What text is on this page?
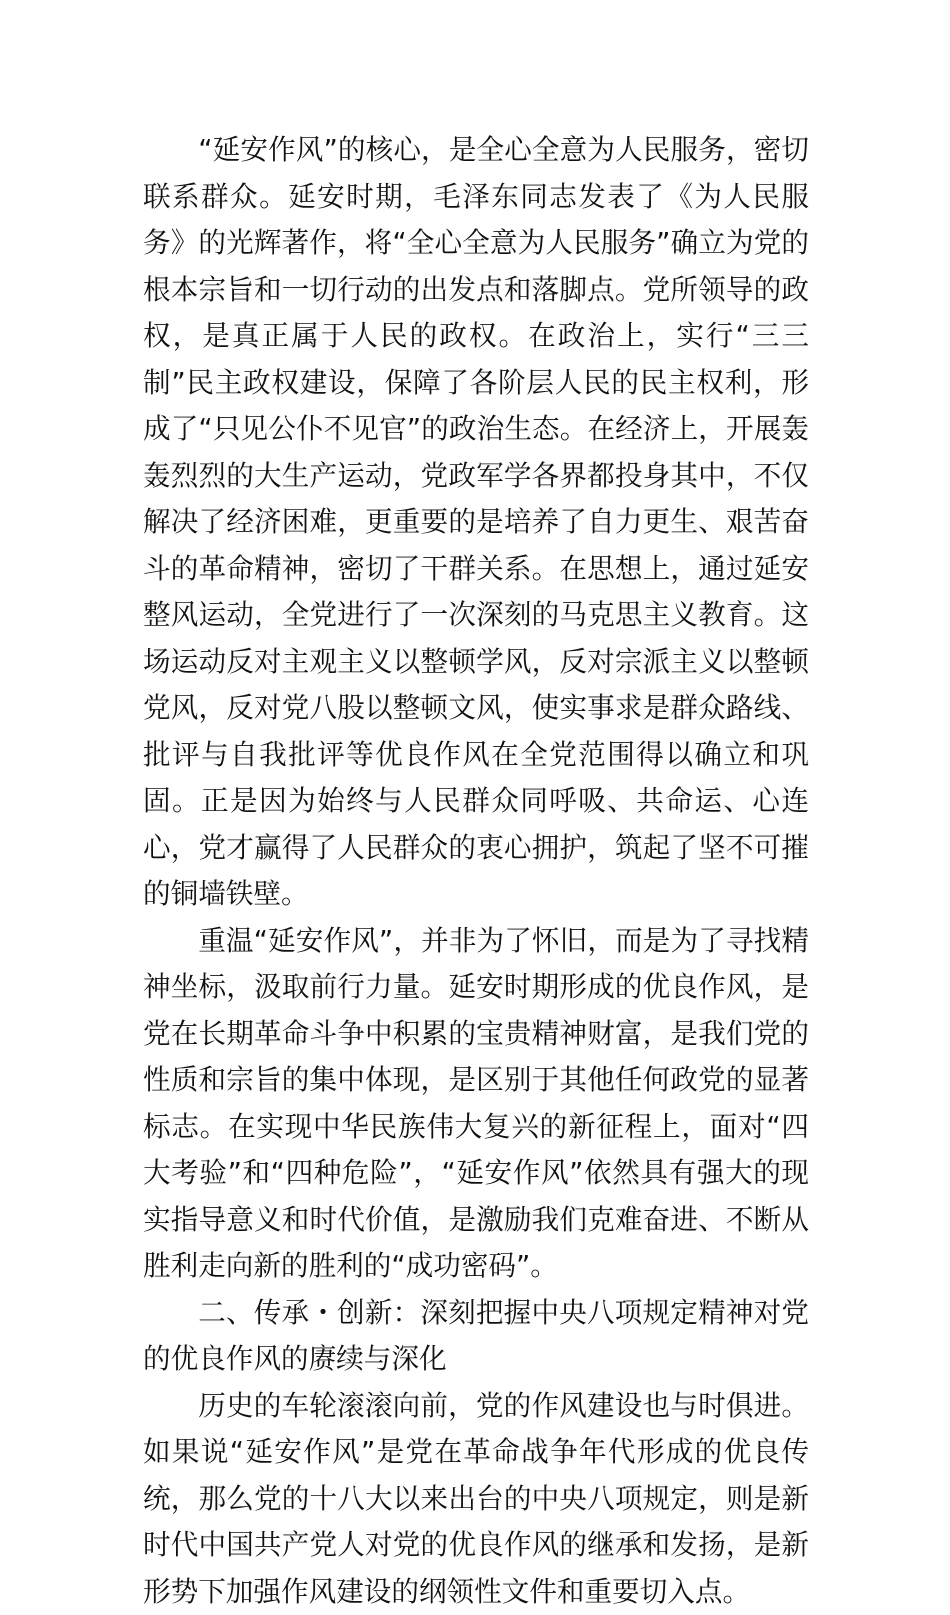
“延安作风”的核心，是全心全意为人民服务，密切联系群众。延安时期，毛泽东同志发表了《为人民服务》的光辉著作，将“全心全意为人民服务”确立为党的根本宗旨和一切行动的出发点和落脚点。党所领导的政权，是真正属于人民的政权。在政治上，实行“三三制”民主政权建设，保障了各阶层人民的民主权利，形成了“只见公仆不见官”的政治生态。在经济上，开展轰轰烈烈的大生产运动，党政军学各界都投身其中，不仅解决了经济困难，更重要的是培养了自力更生、艰苦奋斗的革命精神，密切了干群关系。在思想上，通过延安整风运动，全党进行了一次深刻的马克思主义教育。这场运动反对主观主义以整顿学风，反对宗派主义以整顿党风，反对党八股以整顿文风，使实事求是群众路线、批评与自我批评等优良作风在全党范围得以确立和巩固。正是因为始终与人民群众同呼吸、共命运、心连心，党才赢得了人民群众的衷心拥护，筑起了坚不可摧的铜墙铁壁。

重温“延安作风”，并非为了怀旧，而是为了寻找精神坐标，汲取前行力量。延安时期形成的优良作风，是党在长期革命斗争中积累的宝贵精神财富，是我们党的性质和宗旨的集中体现，是区别于其他任何政党的显著标志。在实现中华民族伟大复兴的新征程上，面对“四大考验”和“四种危险”，“延安作风”依然具有强大的现实指导意义和时代价值，是激励我们克难奋进、不断从胜利走向新的胜利的“成功密码”。

二、传承・创新：深刻把握中央八项规定精神对党的优良作风的赓续与深化

历史的车轮滚滚向前，党的作风建设也与时俱进。如果说“延安作风”是党在革命战争年代形成的优良传统，那么党的十八大以来出台的中央八项规定，则是新时代中国共产党人对党的优良作风的继承和发扬，是新形势下加强作风建设的纲领性文件和重要切入点。
